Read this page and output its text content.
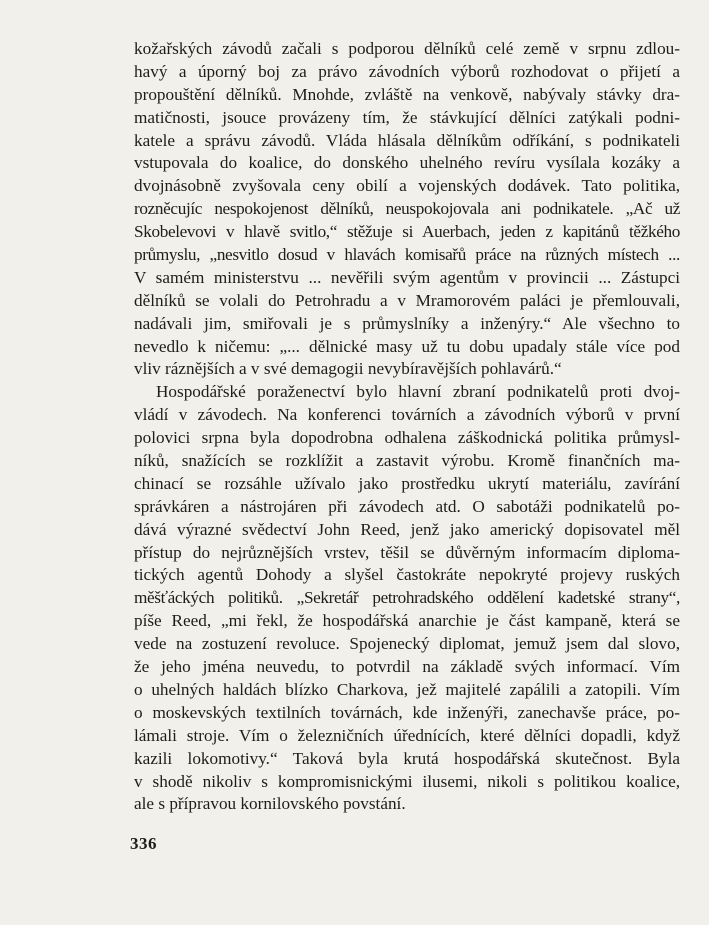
kožařských závodů začali s podporou dělníků celé země v srpnu zdlou-
havý a úporný boj za právo závodních výborů rozhodovat o přijetí a
propouštění dělníků. Mnohde, zvláště na venkově, nabývaly stávky dra-
matičnosti, jsouce provázeny tím, že stávkující dělníci zatýkali podni-
katele a správu závodů. Vláda hlásala dělníkům odříkání, s podnikateli
vstupovala do koalice, do donského uhelného revíru vysílala kozáky a
dvojnásobně zvyšovala ceny obilí a vojenských dodávek. Tato politika,
rozněcujíc nespokojenost dělníků, neuspokojovala ani podnikatele. „Ač už
Skobelevovi v hlavě svitlo,“ stěžuje si Auerbach, jeden z kapitánů těžkého
průmyslu, „nesvitlo dosud v hlavách komisařů práce na různých místech ...
V samém ministerstvu ... nevěřili svým agentům v provincii ... Zástupci
dělníků se volali do Petrohradu a v Mramorovém paláci je přemlouvali,
nadávali jim, smiřovali je s průmyslníky a inženýry.“ Ale všechno to
nevedlo k ničemu: „... dělnické masy už tu dobu upadaly stále více pod
vliv ráznějších a v své demagogii nevybíravějších pohlavárů.“
Hospodářské poraženectví bylo hlavní zbraní podnikatelů proti dvoj-
vládí v závodech. Na konferenci továrních a závodních výborů v první
polovici srpna byla dopodrobna odhalena záškodnická politika průmysl-
níků, snažících se rozklížit a zastavit výrobu. Kromě finančních ma-
chinací se rozsáhle užívalo jako prostředku ukrytí materiálu, zavírání
správkáren a nástrojáren při závodech atd. O sabotáži podnikatelů po-
dává výrazné svědectví John Reed, jenž jako americký dopisovatel měl
přístup do nejrůznějších vrstev, těšil se důvěrným informacím diploma-
tických agentů Dohody a slyšel častokráte nepokryté projevy ruských
měšťáckých politiků. „Sekretář petrohradského oddělení kadetské strany“,
píše Reed, „mi řekl, že hospodářská anarchie je část kampaně, která se
vede na zostuzení revoluce. Spojenecký diplomat, jemuž jsem dal slovo,
že jeho jména neuvedu, to potvrdil na základě svých informací. Vím
o uhelných haldách blízko Charkova, jež majitelé zapálili a zatopili. Vím
o moskevských textilních továrnách, kde inženýři, zanechavše práce, po-
lámali stroje. Vím o železničních úřednících, které dělníci dopadli, když
kazili lokomotivy.“ Taková byla krutá hospodářská skutečnost. Byla
v shodě nikoliv s kompromisnickými ilusemi, nikoli s politikou koalice,
ale s přípravou kornilovského povstání.
336
